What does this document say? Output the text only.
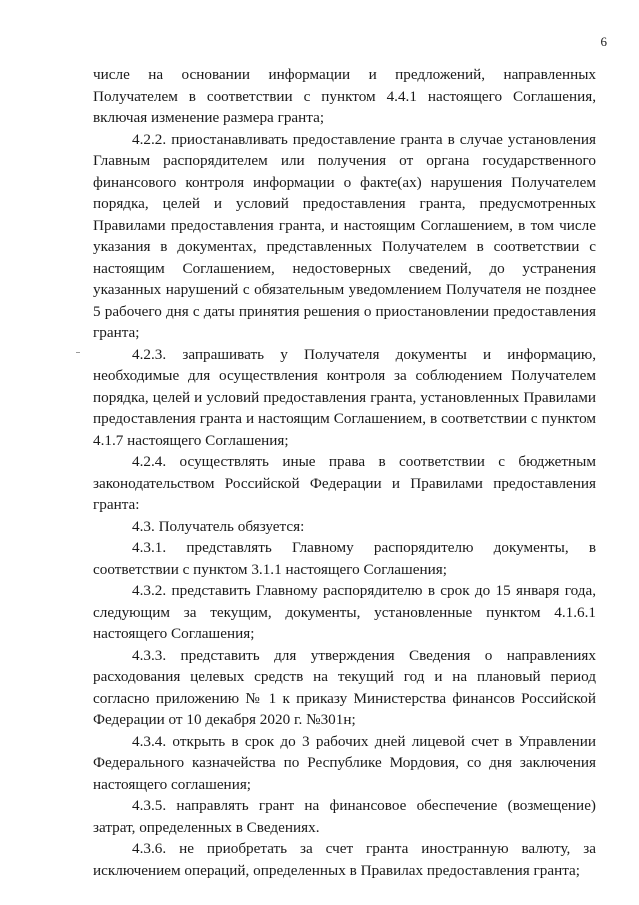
6

числе на основании информации и предложений, направленных Получателем в соответствии с пунктом 4.4.1 настоящего Соглашения, включая изменение размера гранта;

4.2.2. приостанавливать предоставление гранта в случае установления Главным распорядителем или получения от органа государственного финансового контроля информации о факте(ах) нарушения Получателем порядка, целей и условий предоставления гранта, предусмотренных Правилами предоставления гранта, и настоящим Соглашением, в том числе указания в документах, представленных Получателем в соответствии с настоящим Соглашением, недостоверных сведений, до устранения указанных нарушений с обязательным уведомлением Получателя не позднее 5 рабочего дня с даты принятия решения о приостановлении предоставления гранта;

4.2.3. запрашивать у Получателя документы и информацию, необходимые для осуществления контроля за соблюдением Получателем порядка, целей и условий предоставления гранта, установленных Правилами предоставления гранта и настоящим Соглашением, в соответствии с пунктом 4.1.7 настоящего Соглашения;

4.2.4. осуществлять иные права в соответствии с бюджетным законодательством Российской Федерации и Правилами предоставления гранта:

4.3. Получатель обязуется:

4.3.1. представлять Главному распорядителю документы, в соответствии с пунктом 3.1.1 настоящего Соглашения;

4.3.2. представить Главному распорядителю в срок до 15 января года, следующим за текущим, документы, установленные пунктом 4.1.6.1 настоящего Соглашения;

4.3.3. представить для утверждения Сведения о направлениях расходования целевых средств на текущий год и на плановый период согласно приложению № 1 к приказу Министерства финансов Российской Федерации от 10 декабря 2020 г. №301н;

4.3.4. открыть в срок до 3 рабочих дней лицевой счет в Управлении Федерального казначейства по Республике Мордовия, со дня заключения настоящего соглашения;

4.3.5. направлять грант на финансовое обеспечение (возмещение) затрат, определенных в Сведениях.

4.3.6. не приобретать за счет гранта иностранную валюту, за исключением операций, определенных в Правилах предоставления гранта;
